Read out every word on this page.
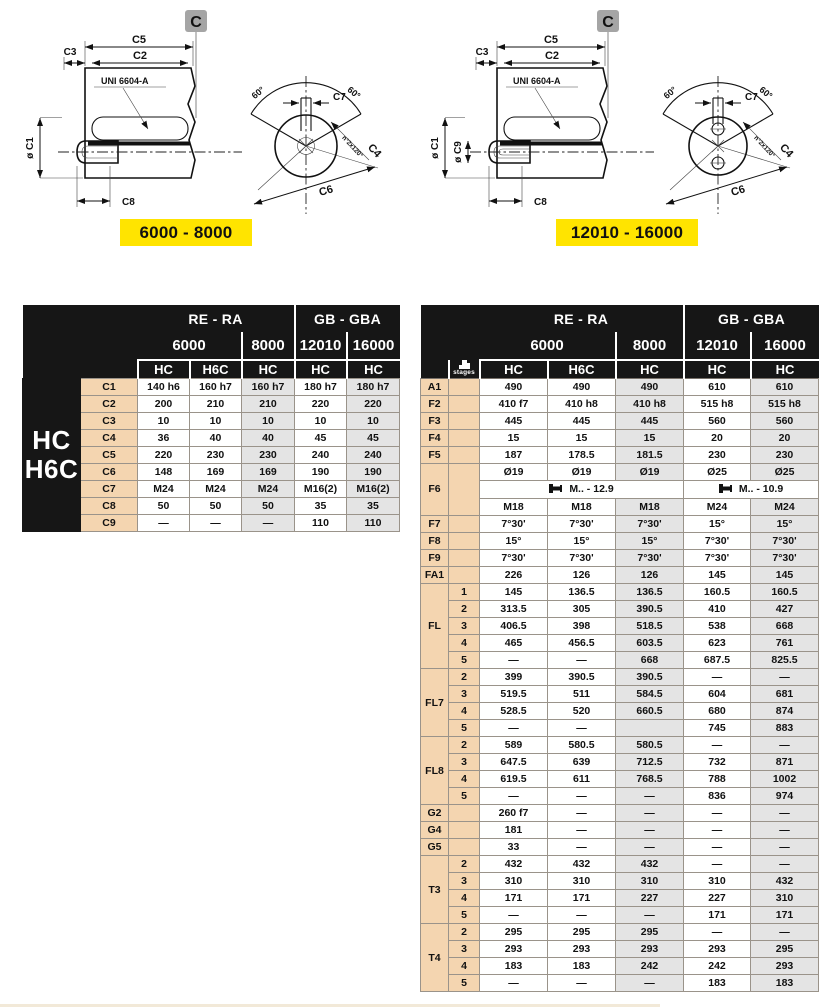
C
C5
C2
C3
UNI 6604-A
ø C1
C8
60°	60°
C7
C4
n°2x120°
C6
C
C5
C2
C3
UNI 6604-A
ø C1 ø C9
C8
60°	60°
C7
C4
n°2x120°
C6
6000 - 8000	12010 - 16000
		RE - RA			GB - GBA	
		6000		8000	12010	16000
		HC	H6C	HC	HC	HC

HC
H6C	C1	140 h6	160 h7	160 h7	180 h7	180 h7
	C2	200	210	210	220	220
	C3	10	10	10	10	10
	C4	36	40	40	45	45
	C5	220	230	230	240	240
	C6	148	169	169	190	190
	C7	M24	M24	M24	M16(2)	M16(2)
	C8	50	50	50	35	35
	C9	—	—	—	110	110
		RE - RA			GB - GBA	
		6000		8000	12010	16000

	stages	HC	H6C	HC	HC	HC
A1		490	490	490	610	610
F2		410 f7	410 h8	410 h8	515 h8	515 h8
F3		445	445	445	560	560
F4		15	15	15	20	20
F5		187	178.5	181.5	230	230
F6		Ø19	Ø19	Ø19	Ø25	Ø25

		M.. - 12.9			M.. - 10.9	

		M18	M18	M18	M24	M24
F7		7°30'	7°30'	7°30'	15°	15°
F8		15°	15°	15°	7°30'	7°30'
F9		7°30'	7°30'	7°30'	7°30'	7°30'
FA1		226	126	126	145	145
FL	1	145	136.5	136.5	160.5	160.5
	2	313.5	305	390.5	410	427
	3	406.5	398	518.5	538	668
	4	465	456.5	603.5	623	761
	5	—	—	668	687.5	825.5
FL7	2	399	390.5	390.5	—	—
	3	519.5	511	584.5	604	681
	4	528.5	520	660.5	680	874
	5	—	—		745	883
FL8	2	589	580.5	580.5	—	—
	3	647.5	639	712.5	732	871
	4	619.5	611	768.5	788	1002
	5	—	—	—	836	974
G2		260 f7	—	—	—	—
G4		181	—	—	—	—
G5		33	—	—	—	—
T3	2	432	432	432	—	—
	3	310	310	310	310	432
	4	171	171	227	227	310
	5	—	—	—	171	171
T4	2	295	295	295	—	—
	3	293	293	293	293	295
	4	183	183	242	242	293
	5	—	—	—	183	183
